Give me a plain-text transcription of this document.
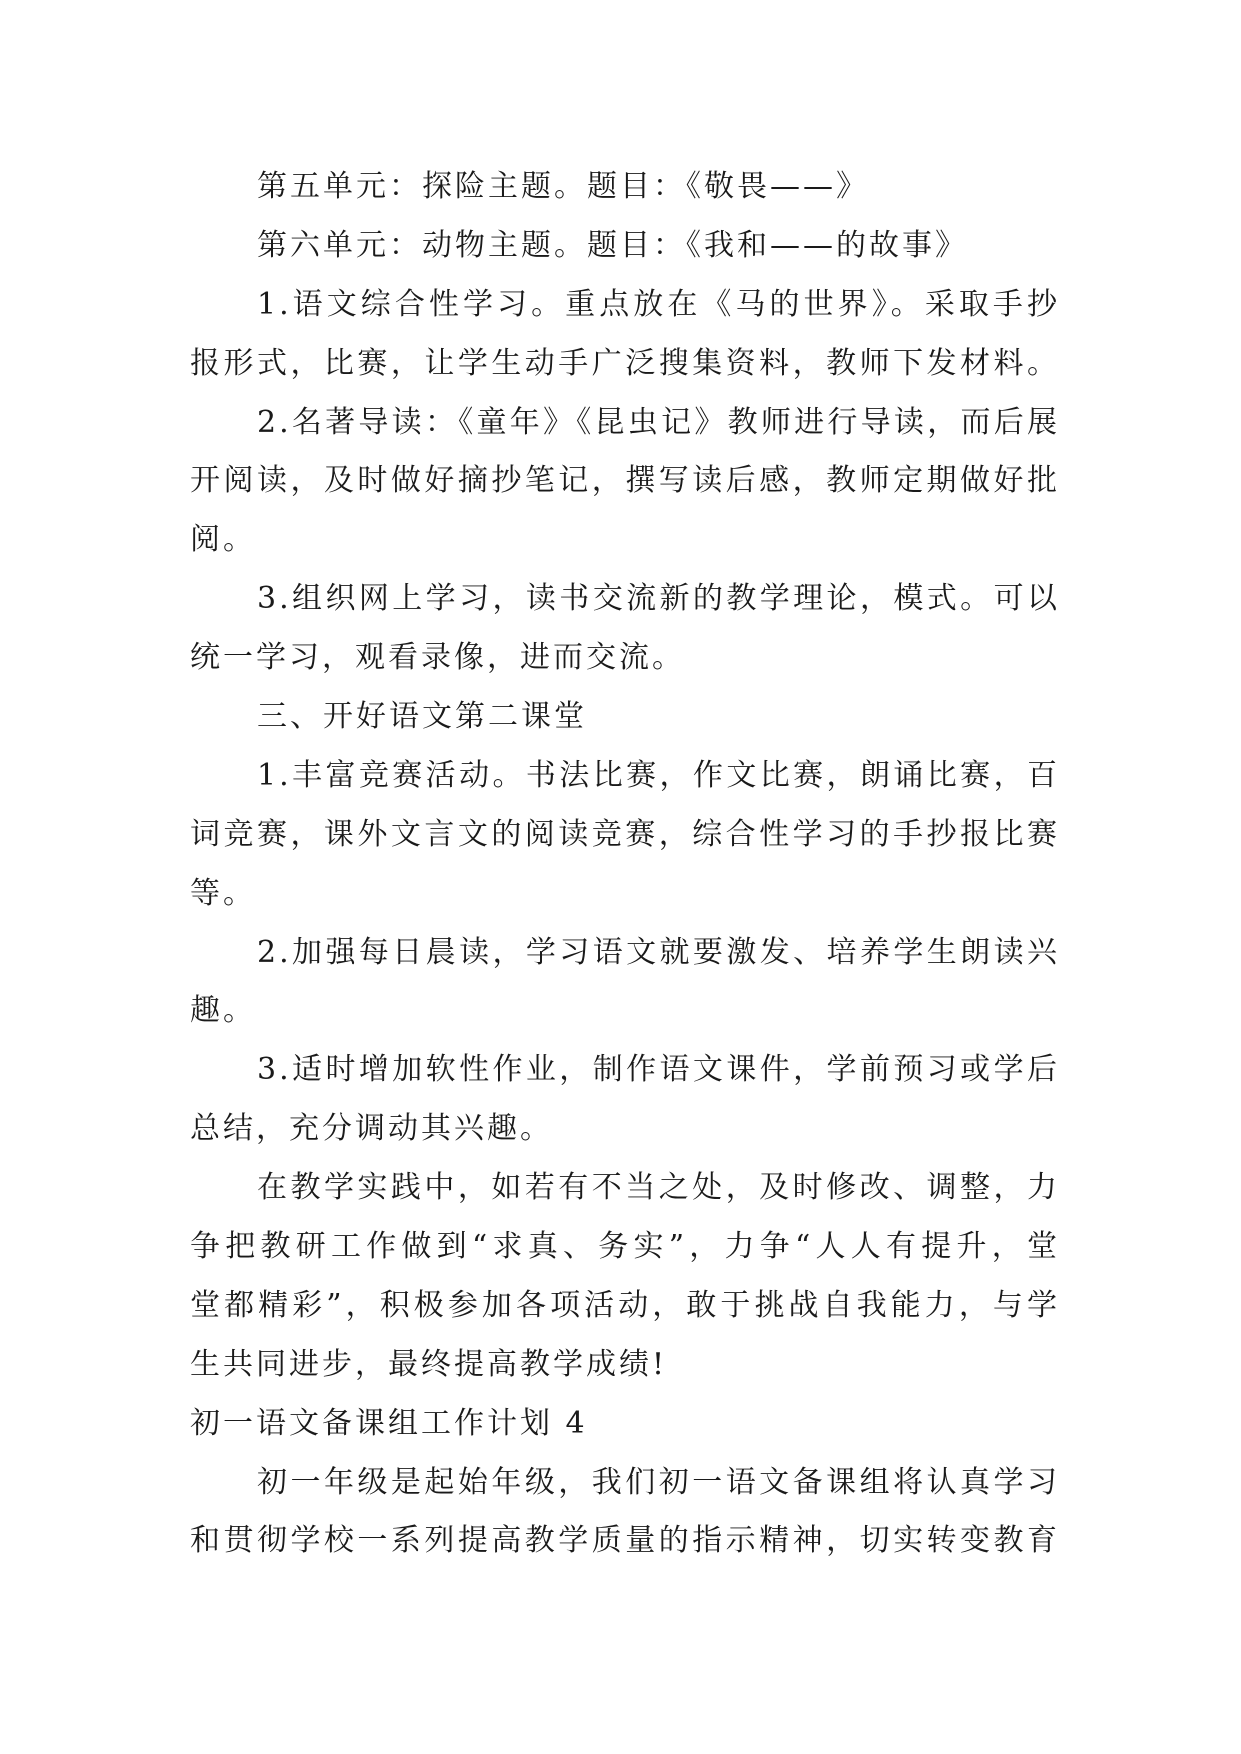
第五单元：探险主题。题目：《敬畏——》
第六单元：动物主题。题目：《我和——的故事》
1.语文综合性学习。重点放在《马的世界》。采取手抄
报形式，比赛，让学生动手广泛搜集资料，教师下发材料。
2.名著导读：《童年》《昆虫记》教师进行导读，而后展
开阅读，及时做好摘抄笔记，撰写读后感，教师定期做好批
阅。
3.组织网上学习，读书交流新的教学理论，模式。可以
统一学习，观看录像，进而交流。
三、开好语文第二课堂
1.丰富竞赛活动。书法比赛，作文比赛，朗诵比赛，百
词竞赛，课外文言文的阅读竞赛，综合性学习的手抄报比赛
等。
2.加强每日晨读，学习语文就要激发、培养学生朗读兴
趣。
3.适时增加软性作业，制作语文课件，学前预习或学后
总结，充分调动其兴趣。
在教学实践中，如若有不当之处，及时修改、调整，力
争把教研工作做到“求真、务实”，力争“人人有提升，堂
堂都精彩”，积极参加各项活动，敢于挑战自我能力，与学
生共同进步，最终提高教学成绩!
初一语文备课组工作计划 4
初一年级是起始年级，我们初一语文备课组将认真学习
和贯彻学校一系列提高教学质量的指示精神，切实转变教育
